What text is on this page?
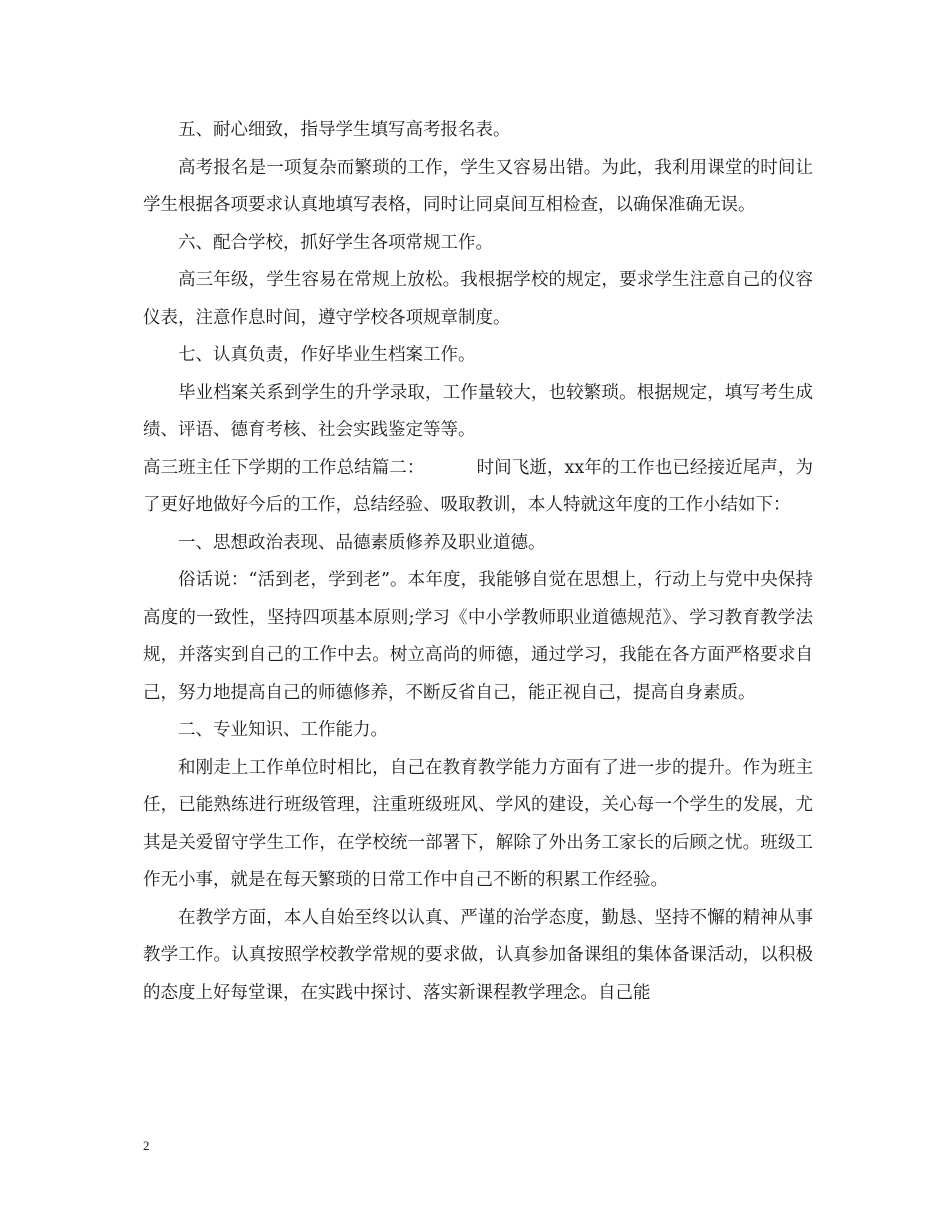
五、耐心细致，指导学生填写高考报名表。

高考报名是一项复杂而繁琐的工作，学生又容易出错。为此，我利用课堂的时间让学生根据各项要求认真地填写表格，同时让同桌间互相检查，以确保准确无误。

六、配合学校，抓好学生各项常规工作。

高三年级，学生容易在常规上放松。我根据学校的规定，要求学生注意自己的仪容仪表，注意作息时间，遵守学校各项规章制度。

七、认真负责，作好毕业生档案工作。

毕业档案关系到学生的升学录取，工作量较大，也较繁琐。根据规定，填写考生成绩、评语、德育考核、社会实践鉴定等等。

高三班主任下学期的工作总结篇二：	时间飞逝，xx年的工作也已经接近尾声，为了更好地做好今后的工作，总结经验、吸取教训，本人特就这年度的工作小结如下：

一、思想政治表现、品德素质修养及职业道德。

俗话说：“活到老，学到老”。本年度，我能够自觉在思想上，行动上与党中央保持高度的一致性，坚持四项基本原则;学习《中小学教师职业道德规范》、学习教育教学法规，并落实到自己的工作中去。树立高尚的师德，通过学习，我能在各方面严格要求自己，努力地提高自己的师德修养，不断反省自己，能正视自己，提高自身素质。

二、专业知识、工作能力。

和刚走上工作单位时相比，自己在教育教学能力方面有了进一步的提升。作为班主任，已能熟练进行班级管理，注重班级班风、学风的建设，关心每一个学生的发展，尤其是关爱留守学生工作，在学校统一部署下，解除了外出务工家长的后顾之忧。班级工作无小事，就是在每天繁琐的日常工作中自己不断的积累工作经验。

在教学方面，本人自始至终以认真、严谨的治学态度，勤恳、坚持不懈的精神从事教学工作。认真按照学校教学常规的要求做，认真参加备课组的集体备课活动，以积极的态度上好每堂课，在实践中探讨、落实新课程教学理念。自己能

2
